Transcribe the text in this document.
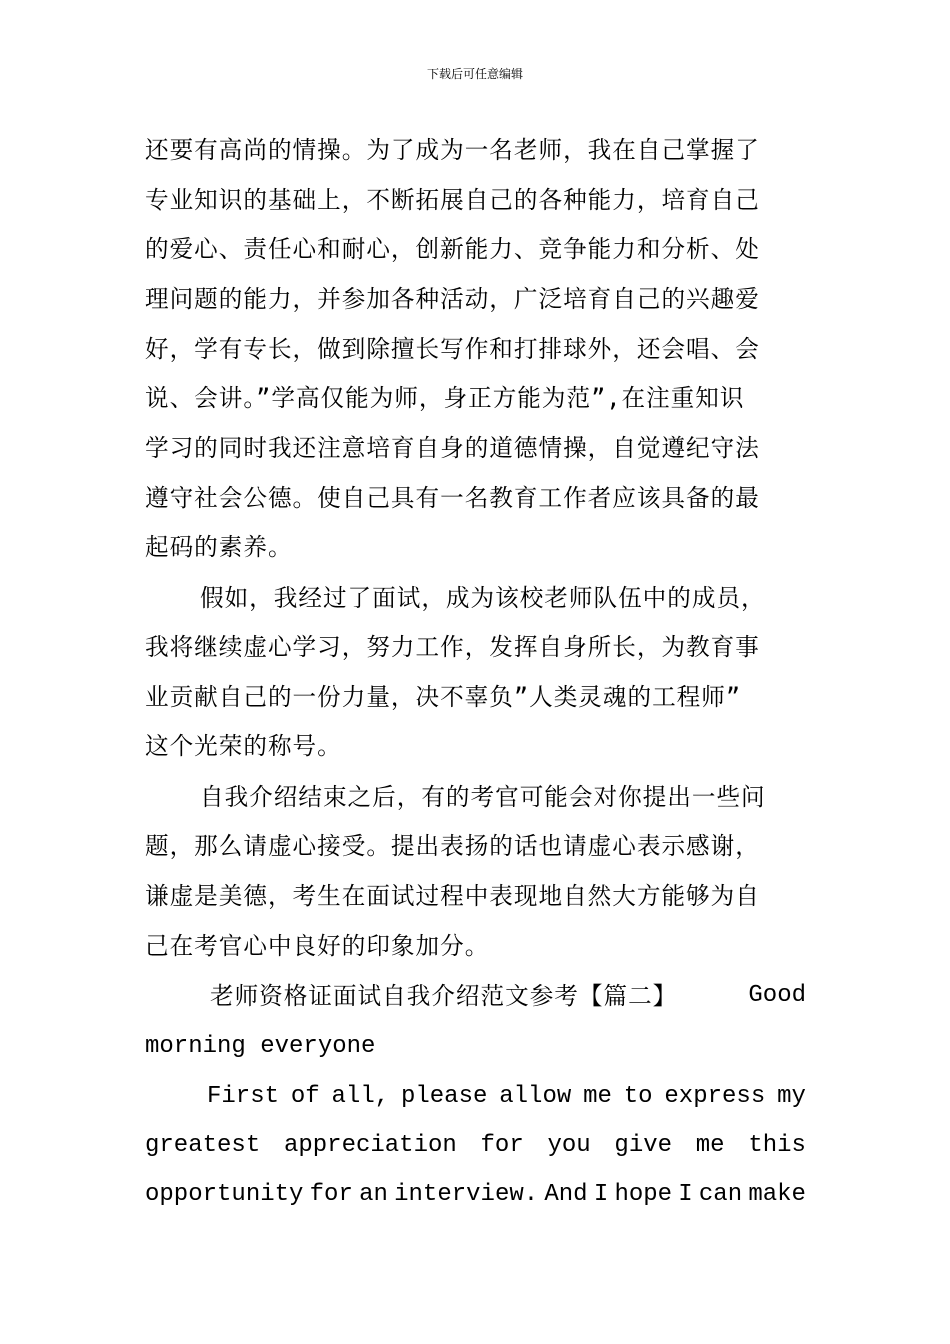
下载后可任意编辑
还要有高尚的情操。为了成为一名老师，我在自己掌握了
专业知识的基础上，不断拓展自己的各种能力，培育自己
的爱心、责任心和耐心，创新能力、竞争能力和分析、处
理问题的能力，并参加各种活动，广泛培育自己的兴趣爱
好，学有专长，做到除擅长写作和打排球外，还会唱、会
说、会讲。”学高仅能为师，身正方能为范”,在注重知识
学习的同时我还注意培育自身的道德情操，自觉遵纪守法
遵守社会公德。使自己具有一名教育工作者应该具备的最
起码的素养。
假如，我经过了面试，成为该校老师队伍中的成员，
我将继续虚心学习，努力工作，发挥自身所长，为教育事
业贡献自己的一份力量，决不辜负”人类灵魂的工程师”
这个光荣的称号。
自我介绍结束之后，有的考官可能会对你提出一些问
题，那么请虚心接受。提出表扬的话也请虚心表示感谢，
谦虚是美德，考生在面试过程中表现地自然大方能够为自
己在考官心中良好的印象加分。
老师资格证面试自我介绍范文参考【篇二】	Good
morning everyone
First of all, please allow me to express my
greatest appreciation for you give me this
opportunity for an interview. And I hope I can make
